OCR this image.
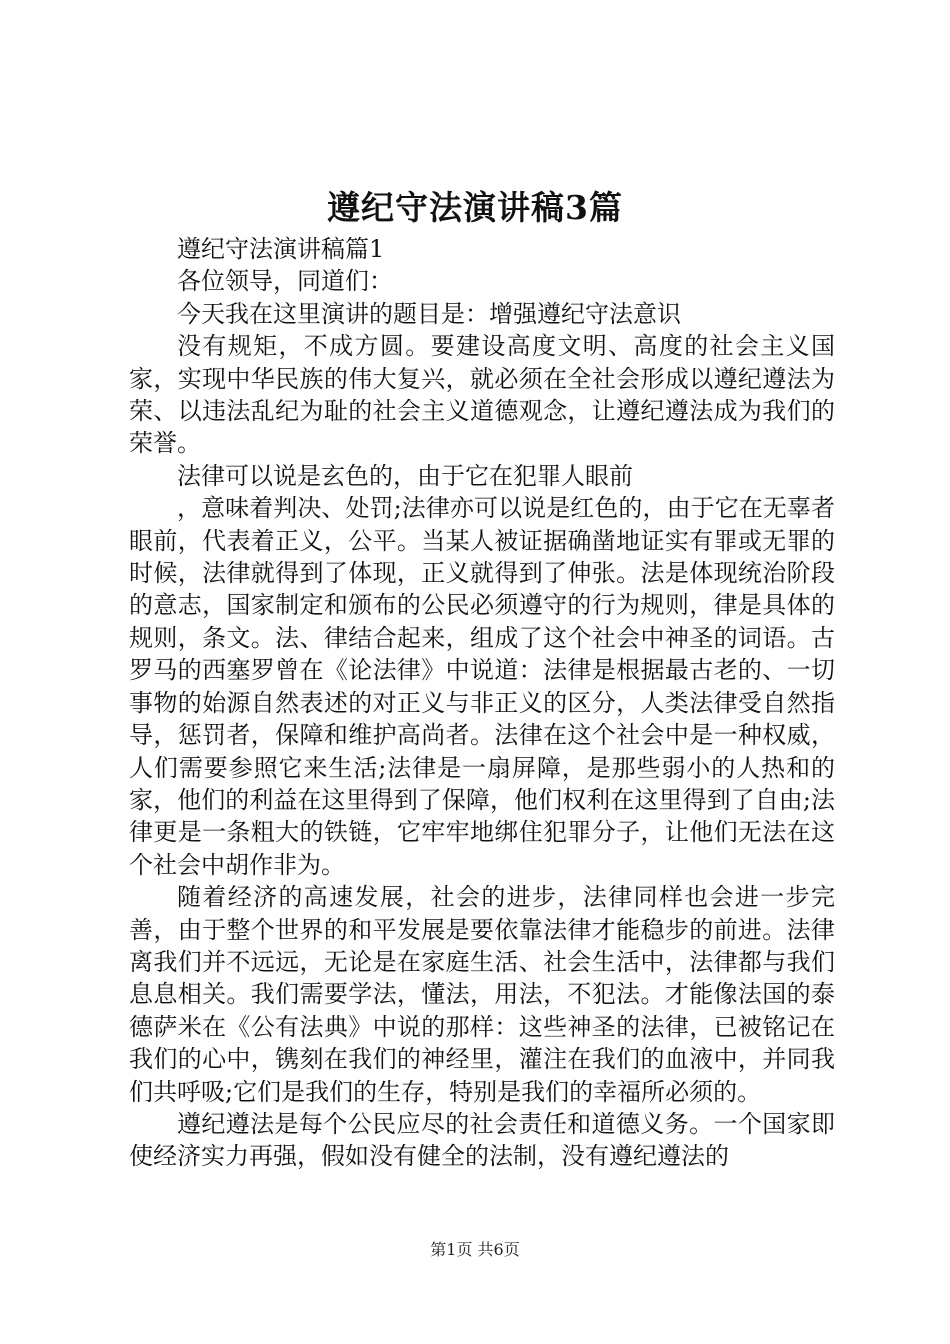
遵纪守法演讲稿3篇

遵纪守法演讲稿篇1

各位领导，同道们：

今天我在这里演讲的题目是：增强遵纪守法意识

没有规矩，不成方圆。要建设高度文明、高度的社会主义国家，实现中华民族的伟大复兴，就必须在全社会形成以遵纪遵法为荣、以违法乱纪为耻的社会主义道德观念，让遵纪遵法成为我们的荣誉。

法律可以说是玄色的，由于它在犯罪人眼前

，意味着判决、处罚;法律亦可以说是红色的，由于它在无辜者眼前，代表着正义，公平。当某人被证据确凿地证实有罪或无罪的时候，法律就得到了体现，正义就得到了伸张。法是体现统治阶段的意志，国家制定和颁布的公民必须遵守的行为规则，律是具体的规则，条文。法、律结合起来，组成了这个社会中神圣的词语。古罗马的西塞罗曾在《论法律》中说道：法律是根据最古老的、一切事物的始源自然表述的对正义与非正义的区分，人类法律受自然指导，惩罚者，保障和维护高尚者。法律在这个社会中是一种权威，人们需要参照它来生活;法律是一扇屏障，是那些弱小的人热和的家，他们的利益在这里得到了保障，他们权利在这里得到了自由;法律更是一条粗大的铁链，它牢牢地绑住犯罪分子，让他们无法在这个社会中胡作非为。

随着经济的高速发展，社会的进步，法律同样也会进一步完善，由于整个世界的和平发展是要依靠法律才能稳步的前进。法律离我们并不远远，无论是在家庭生活、社会生活中，法律都与我们息息相关。我们需要学法，懂法，用法，不犯法。才能像法国的泰德萨米在《公有法典》中说的那样：这些神圣的法律，已被铭记在我们的心中，镌刻在我们的神经里，灌注在我们的血液中，并同我们共呼吸;它们是我们的生存，特别是我们的幸福所必须的。

遵纪遵法是每个公民应尽的社会责任和道德义务。一个国家即使经济实力再强，假如没有健全的法制，没有遵纪遵法的

第1页 共6页
